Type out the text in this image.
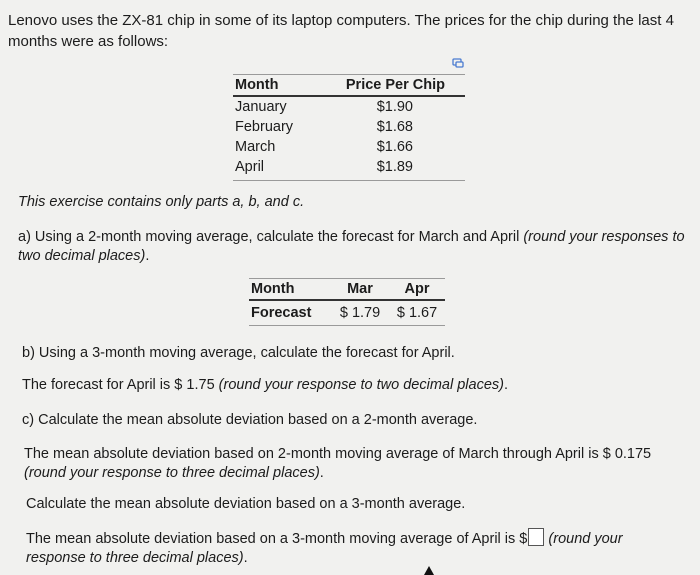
Lenovo uses the ZX-81 chip in some of its laptop computers. The prices for the chip during the last 4 months were as follows:
Month	Price Per Chip
January	$1.90
February	$1.68
March	$1.66
April	$1.89
This exercise contains only parts a, b, and c.
a) Using a 2-month moving average, calculate the forecast for March and April (round your responses to two decimal places).
Month	Mar	Apr
Forecast	$ 1.79	$ 1.67
b) Using a 3-month moving average, calculate the forecast for April.
The forecast for April is $ 1.75 (round your response to two decimal places).
c) Calculate the mean absolute deviation based on a 2-month average.
The mean absolute deviation based on 2-month moving average of March through April is $ 0.175 (round your response to three decimal places).
Calculate the mean absolute deviation based on a 3-month average.
The mean absolute deviation based on a 3-month moving average of April is $ (round your response to three decimal places).
